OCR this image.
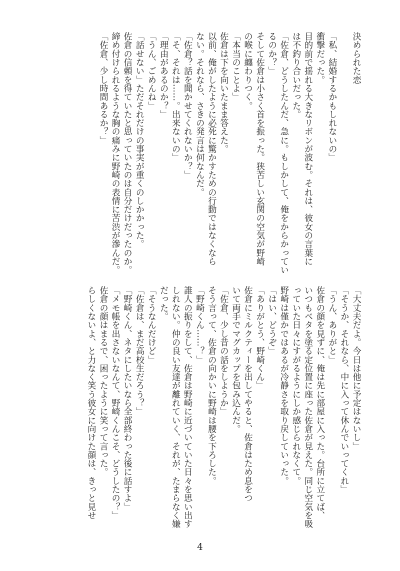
決められた恋

「私、結婚するかもしれないの」

衝撃だった。

目的前で揺れる大きなリボンが波む。それは、彼女の言葉に

は不釣り合いだった。

「佐倉、どうしたんだ、急に。もしかして、俺をからかってい

るのか？」

そして佐倉は小さく首を振った。狭苦しい玄関の空気が野崎

の喉に纏わりつく。

「本当のことよ」

佐倉は下を向いたまま答えた。

以前、俺がしたように必死に驚かすための行動ではなくなら

ない。それなら、さきの発言は何なんだ。

「佐倉？話を聞かせてくれないか？」

「そ、それは……。出来ないの」

「理由があるのか？」

「うん、ごめんね」

「話せない」ただそれだけの事実が重くのしかかった。

佐倉の信頼を得ていたと思っていたのは自分だけだったのか。

締め付けられるような胸の痛みに野崎の表情に苦渋が滲んだ。

「佐倉、少し時間あるか？」

「大丈夫だよ。今日は他に予定はないし」

「そうか、それなら、中に入って休んでいってくれ」

「うん、ありがと」

佐倉の顔を見ずに、俺は先に部屋に入った。台所に立てば、

いつもベタを塗る定位置に座った佐倉が見えた。同じ空気を吸

っていた日々にすがるようにしか感じられなくて。

野崎は僅かではあるが冷静さを取り戻していった。

「はい、どうぞ」

「ありがとう、野崎くん」

佐倉にミルクティーを出してやると、佐倉はため息をつ

いて両手でマグカップを包み込んだ。

「佐倉、少し昔の話をしようか」

そう言って、佐倉の向かいに野崎は腰を下ろした。

「野崎くん……？」

誰人の振りをして、佐倉は野崎に近づいていた日々を思い出す

しれない。仲の良い友達が離れていく、それが、たまらなく嫌

だった。

「そうなんだけど」

「佐倉は、まだ高校生だろう？」

「野崎くん、ネタにしたいなら全部終わった後に話すよ」

「メモ帳を出さないなんて、野崎くんこそ、どうしたの？」

佐倉の顔はまるで、困ったように笑って言った。

らしくないよ、と力なく笑う彼女に向けた顔は、きっと見せ

4
